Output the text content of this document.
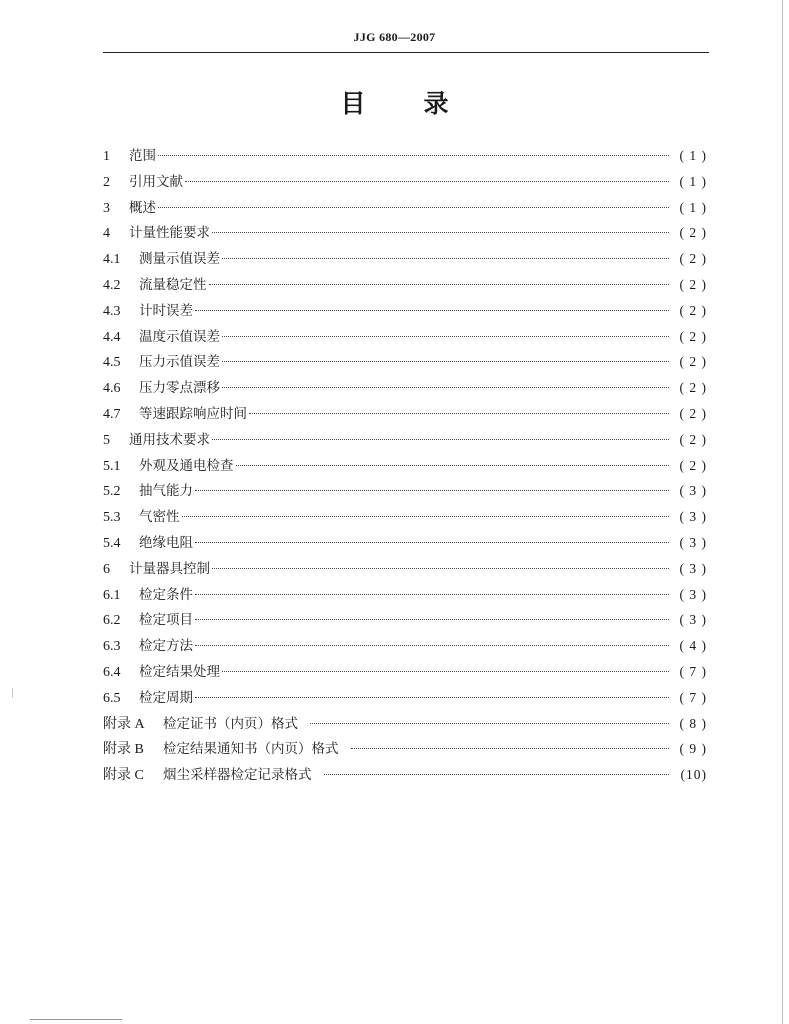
JJG 680—2007
目 录
1	范围	( 1 )
2	引用文献	( 1 )
3	概述	( 1 )
4	计量性能要求	( 2 )
4.1	测量示值误差	( 2 )
4.2	流量稳定性	( 2 )
4.3	计时误差	( 2 )
4.4	温度示值误差	( 2 )
4.5	压力示值误差	( 2 )
4.6	压力零点漂移	( 2 )
4.7	等速跟踪响应时间	( 2 )
5	通用技术要求	( 2 )
5.1	外观及通电检查	( 2 )
5.2	抽气能力	( 3 )
5.3	气密性	( 3 )
5.4	绝缘电阻	( 3 )
6	计量器具控制	( 3 )
6.1	检定条件	( 3 )
6.2	检定项目	( 3 )
6.3	检定方法	( 4 )
6.4	检定结果处理	( 7 )
6.5	检定周期	( 7 )
附录 A	检定证书（内页）格式	( 8 )
附录 B	检定结果通知书（内页）格式	( 9 )
附录 C	烟尘采样器检定记录格式	(10)
